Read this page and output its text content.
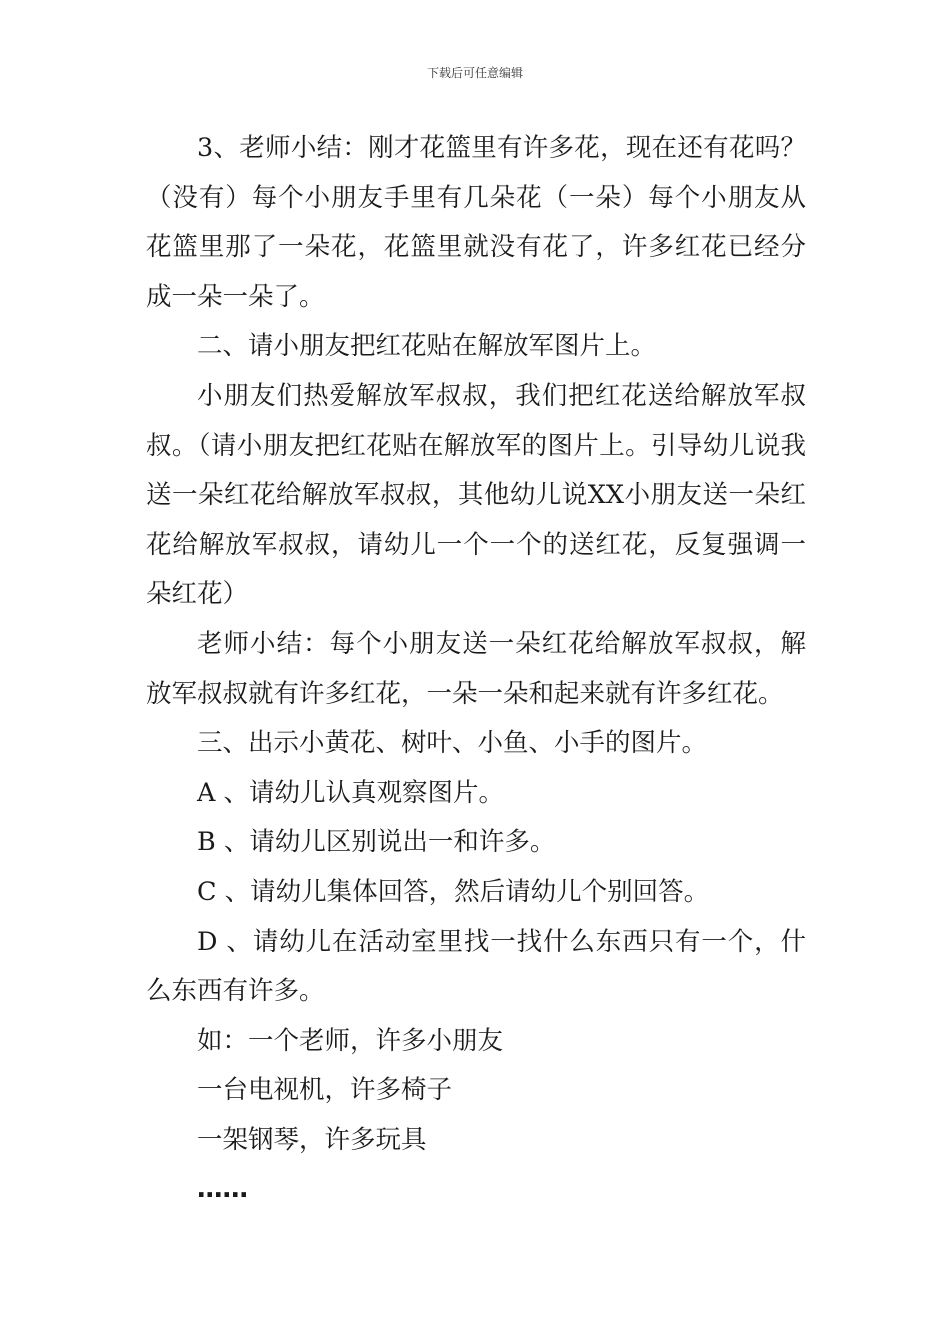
下载后可任意编辑

3、老师小结：刚才花篮里有许多花，现在还有花吗？（没有）每个小朋友手里有几朵花（一朵）每个小朋友从花篮里那了一朵花，花篮里就没有花了，许多红花已经分成一朵一朵了。

二、请小朋友把红花贴在解放军图片上。

小朋友们热爱解放军叔叔，我们把红花送给解放军叔叔。（请小朋友把红花贴在解放军的图片上。引导幼儿说我送一朵红花给解放军叔叔，其他幼儿说XX小朋友送一朵红花给解放军叔叔，请幼儿一个一个的送红花，反复强调一朵红花）

老师小结：每个小朋友送一朵红花给解放军叔叔，解放军叔叔就有许多红花，一朵一朵和起来就有许多红花。

三、出示小黄花、树叶、小鱼、小手的图片。

A 、请幼儿认真观察图片。

B 、请幼儿区别说出一和许多。

C 、请幼儿集体回答，然后请幼儿个别回答。

D 、请幼儿在活动室里找一找什么东西只有一个，什么东西有许多。

如：一个老师，许多小朋友

一台电视机，许多椅子

一架钢琴，许多玩具

……
